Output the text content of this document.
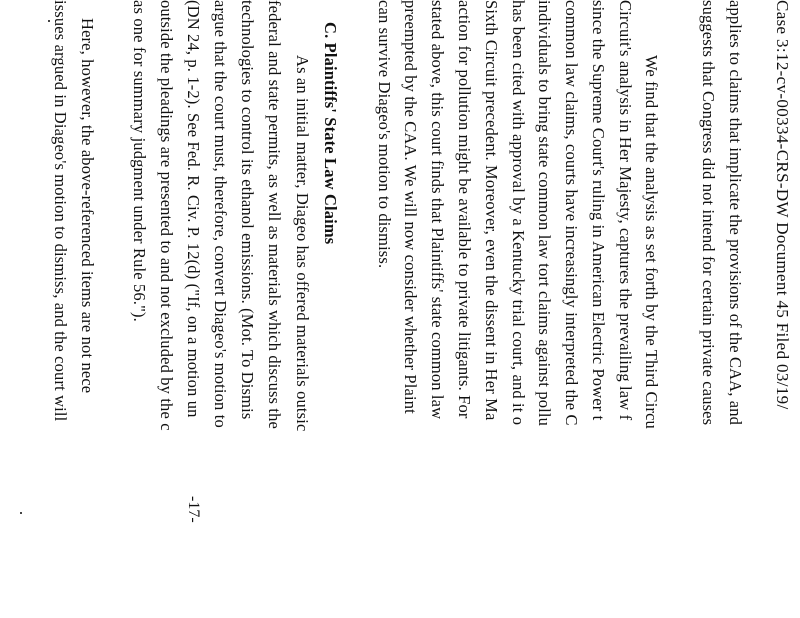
Case 3:12-cv-00334-CRS-DW Document 45 Filed 03/19/
applies to claims that implicate the provisions of the CAA, and
suggests that Congress did not intend for certain private causes
We find that the analysis as set forth by the Third Circu
Circuit's analysis in Her Majesty, captures the prevailing law f
since the Supreme Court's ruling in American Electric Power t
common law claims, courts have increasingly interpreted the C
individuals to bring state common law tort claims against pollu
has been cited with approval by a Kentucky trial court, and it o
Sixth Circuit precedent. Moreover, even the dissent in Her Ma
action for pollution might be available to private litigants. For
stated above, this court finds that Plaintiffs' state common law
preempted by the CAA. We will now consider whether Plaint
can survive Diageo's motion to dismiss.
C. Plaintiffs' State Law Claims
As an initial matter, Diageo has offered materials outsic
federal and state permits, as well as materials which discuss the
technologies to control its ethanol emissions. (Mot. To Dismis
argue that the court must, therefore, convert Diageo's motion to
(DN 24, p. 1-2). See Fed. R. Civ. P. 12(d) ("If, on a motion un
outside the pleadings are presented to and not excluded by the c
as one for summary judgment under Rule 56.").
Here, however, the above-referenced items are not nece
issues argued in Diageo's motion to dismiss, and the court will
-17-
